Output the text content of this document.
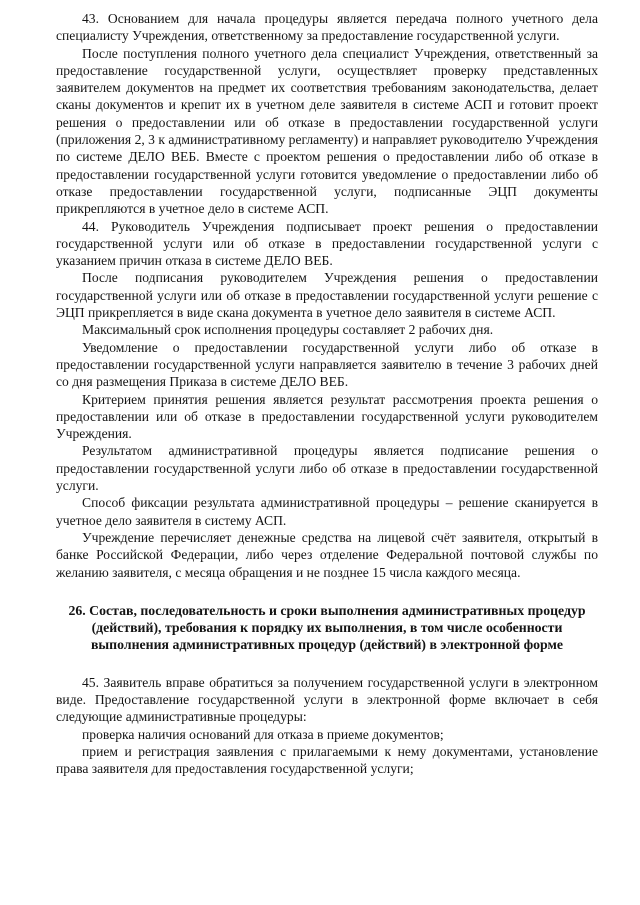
43. Основанием для начала процедуры является передача полного учетного дела специалисту Учреждения, ответственному за предоставление государственной услуги.

После поступления полного учетного дела специалист Учреждения, ответственный за предоставление государственной услуги, осуществляет проверку представленных заявителем документов на предмет их соответствия требованиям законодательства, делает сканы документов и крепит их в учетном деле заявителя в системе АСП и готовит проект решения о предоставлении или об отказе в предоставлении государственной услуги (приложения 2, 3 к административному регламенту) и направляет руководителю Учреждения по системе ДЕЛО ВЕБ. Вместе с проектом решения о предоставлении либо об отказе в предоставлении государственной услуги готовится уведомление о предоставлении либо об отказе предоставлении государственной услуги, подписанные ЭЦП документы прикрепляются в учетное дело в системе АСП.

44. Руководитель Учреждения подписывает проект решения о предоставлении государственной услуги или об отказе в предоставлении государственной услуги с указанием причин отказа в системе ДЕЛО ВЕБ.

После подписания руководителем Учреждения решения о предоставлении государственной услуги или об отказе в предоставлении государственной услуги решение с ЭЦП прикрепляется в виде скана документа в учетное дело заявителя в системе АСП.

Максимальный срок исполнения процедуры составляет 2 рабочих дня.

Уведомление о предоставлении государственной услуги либо об отказе в предоставлении государственной услуги направляется заявителю в течение 3 рабочих дней со дня размещения Приказа в системе ДЕЛО ВЕБ.

Критерием принятия решения является результат рассмотрения проекта решения о предоставлении или об отказе в предоставлении государственной услуги руководителем Учреждения.

Результатом административной процедуры является подписание решения о предоставлении государственной услуги либо об отказе в предоставлении государственной услуги.

Способ фиксации результата административной процедуры – решение сканируется в учетное дело заявителя в систему АСП.

Учреждение перечисляет денежные средства на лицевой счёт заявителя, открытый в банке Российской Федерации, либо через отделение Федеральной почтовой службы по желанию заявителя, с месяца обращения и не позднее 15 числа каждого месяца.

26. Состав, последовательность и сроки выполнения административных процедур (действий), требования к порядку их выполнения, в том числе особенности выполнения административных процедур (действий) в электронной форме

45. Заявитель вправе обратиться за получением государственной услуги в электронном виде. Предоставление государственной услуги в электронной форме включает в себя следующие административные процедуры:

проверка наличия оснований для отказа в приеме документов;

прием и регистрация заявления с прилагаемыми к нему документами, установление права заявителя для предоставления государственной услуги;
